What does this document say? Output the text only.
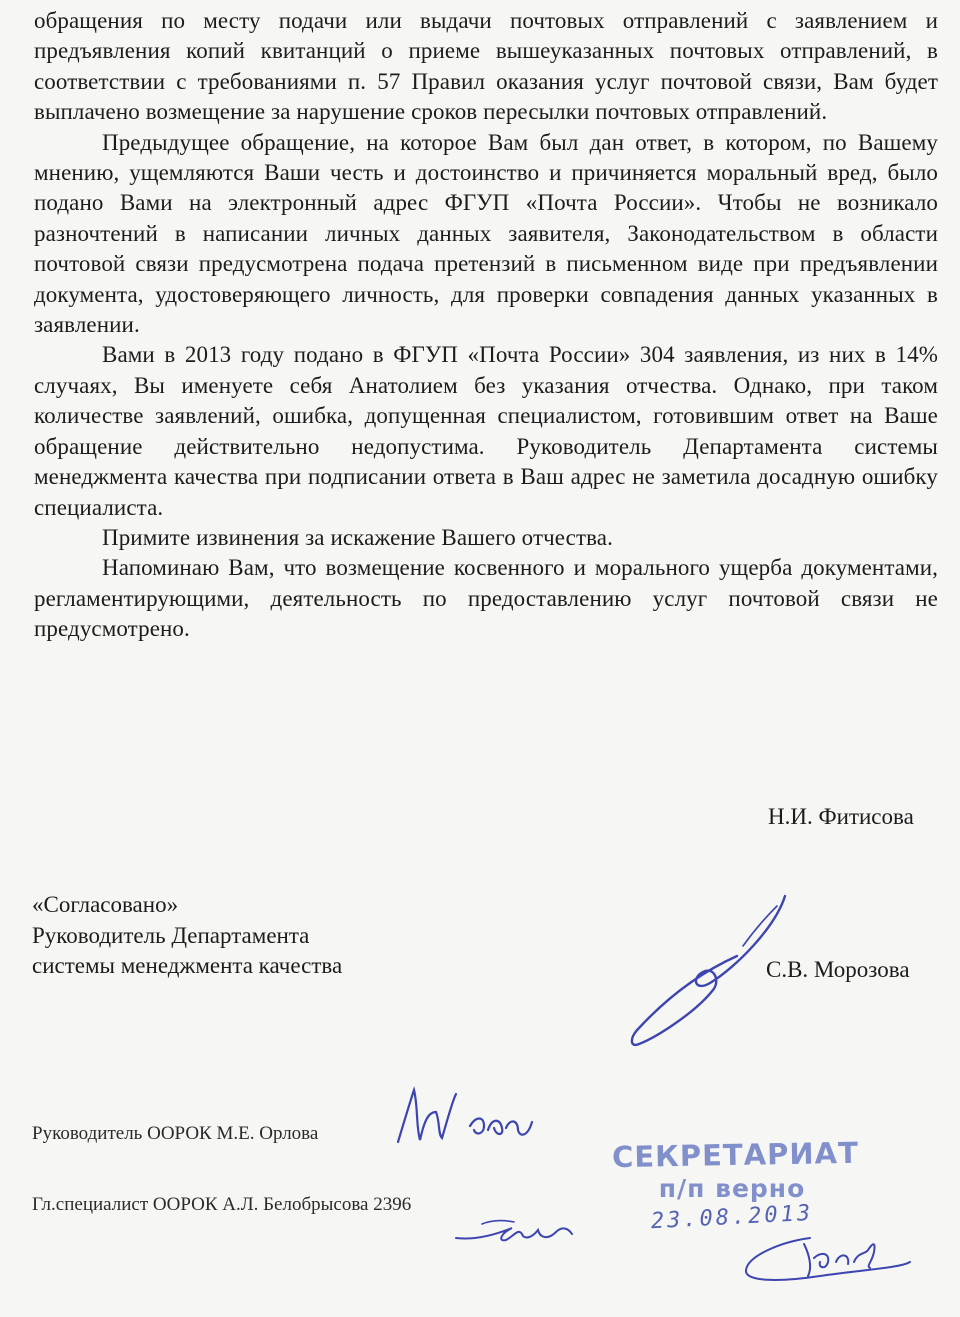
обращения по месту подачи или выдачи почтовых отправлений с заявлением и предъявления копий квитанций о приеме вышеуказанных почтовых отправлений, в соответствии с требованиями п. 57 Правил оказания услуг почтовой связи, Вам будет выплачено возмещение за нарушение сроков пересылки почтовых отправлений.

Предыдущее обращение, на которое Вам был дан ответ, в котором, по Вашему мнению, ущемляются Ваши честь и достоинство и причиняется моральный вред, было подано Вами на электронный адрес ФГУП «Почта России». Чтобы не возникало разночтений в написании личных данных заявителя, Законодательством в области почтовой связи предусмотрена подача претензий в письменном виде при предъявлении документа, удостоверяющего личность, для проверки совпадения данных указанных в заявлении.

Вами в 2013 году подано в ФГУП «Почта России» 304 заявления, из них в 14% случаях, Вы именуете себя Анатолием без указания отчества. Однако, при таком количестве заявлений, ошибка, допущенная специалистом, готовившим ответ на Ваше обращение действительно недопустима. Руководитель Департамента системы менеджмента качества при подписании ответа в Ваш адрес не заметила досадную ошибку специалиста.

Примите извинения за искажение Вашего отчества.

Напоминаю Вам, что возмещение косвенного и морального ущерба документами, регламентирующими, деятельность по предоставлению услуг почтовой связи не предусмотрено.

Н.И. Фитисова
«Согласовано»
Руководитель Департамента
системы менеджмента качества	С.В. Морозова
Руководитель ООРОК М.Е. Орлова
Гл.специалист ООРОК А.Л. Белобрысова 2396
СЕКРЕТАРИАТ
п/п верно
23.08.2013
